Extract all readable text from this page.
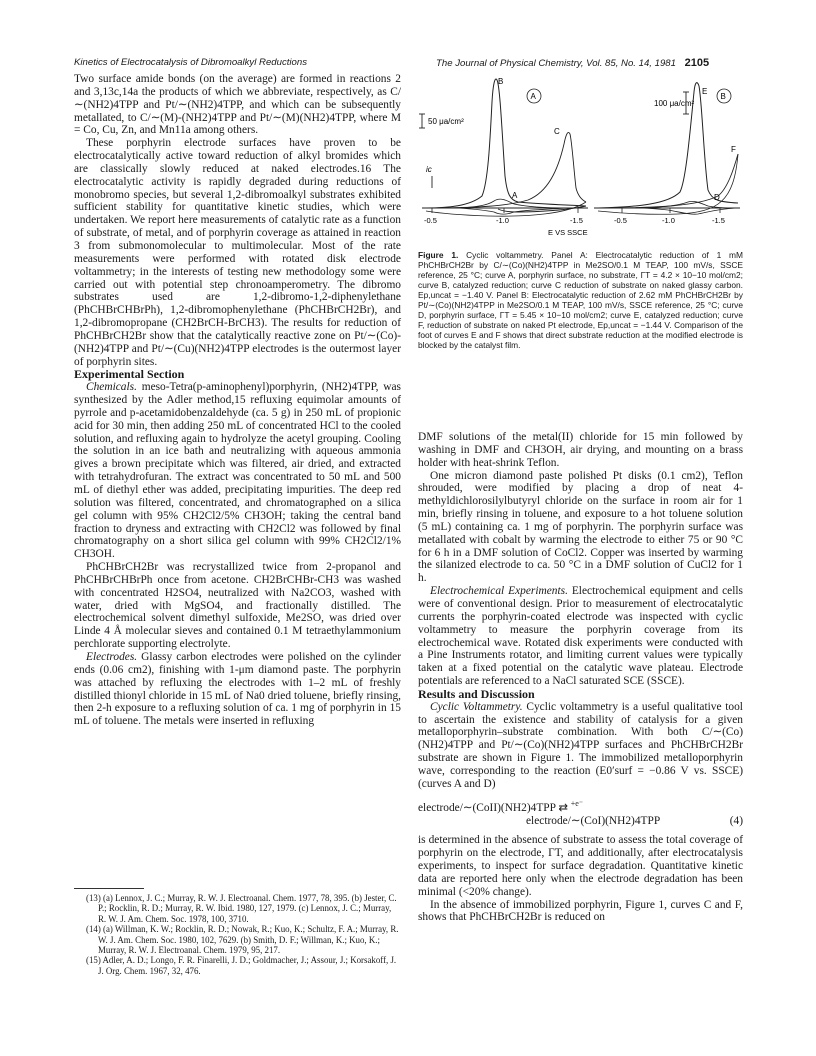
Kinetics of Electrocatalysis of Dibromoalkyl Reductions	The Journal of Physical Chemistry, Vol. 85, No. 14, 1981 2105

Two surface amide bonds (on the average) are formed in reactions 2 and 3,13c,14a the products of which we abbreviate, respectively, as C/∼(NH2)4TPP and Pt/∼(NH2)4TPP, and which can be subsequently metallated, to C/∼(M)-(NH2)4TPP and Pt/∼(M)(NH2)4TPP, where M = Co, Cu, Zn, and Mn11a among others.

These porphyrin electrode surfaces have proven to be electrocatalytically active toward reduction of alkyl bromides which are classically slowly reduced at naked electrodes.16 The electrocatalytic activity is rapidly degraded during reductions of monobromo species, but several 1,2-dibromoalkyl substrates exhibited sufficient stability for quantitative kinetic studies, which were undertaken. We report here measurements of catalytic rate as a function of substrate, of metal, and of porphyrin coverage as attained in reaction 3 from submonomolecular to multimolecular. Most of the rate measurements were performed with rotated disk electrode voltammetry; in the interests of testing new methodology some were carried out with potential step chronoamperometry. The dibromo substrates used are 1,2-dibromo-1,2-diphenylethane (PhCHBrCHBrPh), 1,2-dibromophenylethane (PhCHBrCH2Br), and 1,2-dibromopropane (CH2BrCH-BrCH3). The results for reduction of PhCHBrCH2Br show that the catalytically reactive zone on Pt/∼(Co)-(NH2)4TPP and Pt/∼(Cu)(NH2)4TPP electrodes is the outermost layer of porphyrin sites.

Experimental Section

Chemicals. meso-Tetra(p-aminophenyl)porphyrin, (NH2)4TPP, was synthesized by the Adler method,15 refluxing equimolar amounts of pyrrole and p-acetamidobenzaldehyde (ca. 5 g) in 250 mL of propionic acid for 30 min, then adding 250 mL of concentrated HCl to the cooled solution, and refluxing again to hydrolyze the acetyl grouping. Cooling the solution in an ice bath and neutralizing with aqueous ammonia gives a brown precipitate which was filtered, air dried, and extracted with tetrahydrofuran. The extract was concentrated to 50 mL and 500 mL of diethyl ether was added, precipitating impurities. The deep red solution was filtered, concentrated, and chromatographed on a silica gel column with 95% CH2Cl2/5% CH3OH; taking the central band fraction to dryness and extracting with CH2Cl2 was followed by final chromatography on a short silica gel column with 99% CH2Cl2/1% CH3OH.

PhCHBrCH2Br was recrystallized twice from 2-propanol and PhCHBrCHBrPh once from acetone. CH2BrCHBr-CH3 was washed with concentrated H2SO4, neutralized with Na2CO3, washed with water, dried with MgSO4, and fractionally distilled. The electrochemical solvent dimethyl sulfoxide, Me2SO, was dried over Linde 4 Å molecular sieves and contained 0.1 M tetraethylammonium perchlorate supporting electrolyte.

Electrodes. Glassy carbon electrodes were polished on the cylinder ends (0.06 cm2), finishing with 1-μm diamond paste. The porphyrin was attached by refluxing the electrodes with 1–2 mL of freshly distilled thionyl chloride in 15 mL of Na0 dried toluene, briefly rinsing, then 2-h exposure to a refluxing solution of ca. 1 mg of porphyrin in 15 mL of toluene. The metals were inserted in refluxing

(13) (a) Lennox, J. C.; Murray, R. W. J. Electroanal. Chem. 1977, 78, 395. (b) Jester, C. P.; Rocklin, R. D.; Murray, R. W. Ibid. 1980, 127, 1979. (c) Lennox, J. C.; Murray, R. W. J. Am. Chem. Soc. 1978, 100, 3710.
(14) (a) Willman, K. W.; Rocklin, R. D.; Nowak, R.; Kuo, K.; Schultz, F. A.; Murray, R. W. J. Am. Chem. Soc. 1980, 102, 7629. (b) Smith, D. F.; Willman, K.; Kuo, K.; Murray, R. W. J. Electroanal. Chem. 1979, 95, 217.
(15) Adler, A. D.; Longo, F. R. Finarelli, J. D.; Goldmacher, J.; Assour, J.; Korsakoff, J. J. Org. Chem. 1967, 32, 476.
50 μa/cm²
ic
A
B
C
A
-0.5	-1.0	-1.5
100 μa/cm²
B
E
F
D
-0.5	-1.0	-1.5
E VS SSCE
Figure 1. Cyclic voltammetry. Panel A: Electrocatalytic reduction of 1 mM PhCHBrCH2Br by C/∼(Co)(NH2)4TPP in Me2SO/0.1 M TEAP, 100 mV/s, SSCE reference, 25 °C; curve A, porphyrin surface, no substrate, ΓT = 4.2 × 10−10 mol/cm2; curve B, catalyzed reduction; curve C reduction of substrate on naked glassy carbon. Ep,uncat = −1.40 V. Panel B: Electrocatalytic reduction of 2.62 mM PhCHBrCH2Br by Pt/∼(Co)(NH2)4TPP in Me2SO/0.1 M TEAP, 100 mV/s, SSCE reference, 25 °C; curve D, porphyrin surface, ΓT = 5.45 × 10−10 mol/cm2; curve E, catalyzed reduction; curve F, reduction of substrate on naked Pt electrode, Ep,uncat = −1.44 V. Comparison of the foot of curves E and F shows that direct substrate reduction at the modified electrode is blocked by the catalyst film.

DMF solutions of the metal(II) chloride for 15 min followed by washing in DMF and CH3OH, air drying, and mounting on a brass holder with heat-shrink Teflon.

One micron diamond paste polished Pt disks (0.1 cm2), Teflon shrouded, were modified by placing a drop of neat 4-methyldichlorosilylbutyryl chloride on the surface in room air for 1 min, briefly rinsing in toluene, and exposure to a hot toluene solution (5 mL) containing ca. 1 mg of porphyrin. The porphyrin surface was metallated with cobalt by warming the electrode to either 75 or 90 °C for 6 h in a DMF solution of CoCl2. Copper was inserted by warming the silanized electrode to ca. 50 °C in a DMF solution of CuCl2 for 1 h.

Electrochemical Experiments. Electrochemical equipment and cells were of conventional design. Prior to measurement of electrocatalytic currents the porphyrin-coated electrode was inspected with cyclic voltammetry to measure the porphyrin coverage from its electrochemical wave. Rotated disk experiments were conducted with a Pine Instruments rotator, and limiting current values were typically taken at a fixed potential on the catalytic wave plateau. Electrode potentials are referenced to a NaCl saturated SCE (SSCE).

Results and Discussion

Cyclic Voltammetry. Cyclic voltammetry is a useful qualitative tool to ascertain the existence and stability of catalysis for a given metalloporphyrin–substrate combination. With both C/∼(Co)(NH2)4TPP and Pt/∼(Co)(NH2)4TPP surfaces and PhCHBrCH2Br substrate are shown in Figure 1. The immobilized metalloporphyrin wave, corresponding to the reaction (E0′surf = −0.86 V vs. SSCE) (curves A and D)

electrode/∼(CoII)(NH2)4TPP ⇄ $^{+e^-}$
electrode/∼(CoI)(NH2)4TPP	(4)

is determined in the absence of substrate to assess the total coverage of porphyrin on the electrode, ΓT, and additionally, after electrocatalysis experiments, to inspect for surface degradation. Quantitative kinetic data are reported here only when the electrode degradation has been minimal (<20% change).

In the absence of immobilized porphyrin, Figure 1, curves C and F, shows that PhCHBrCH2Br is reduced on
